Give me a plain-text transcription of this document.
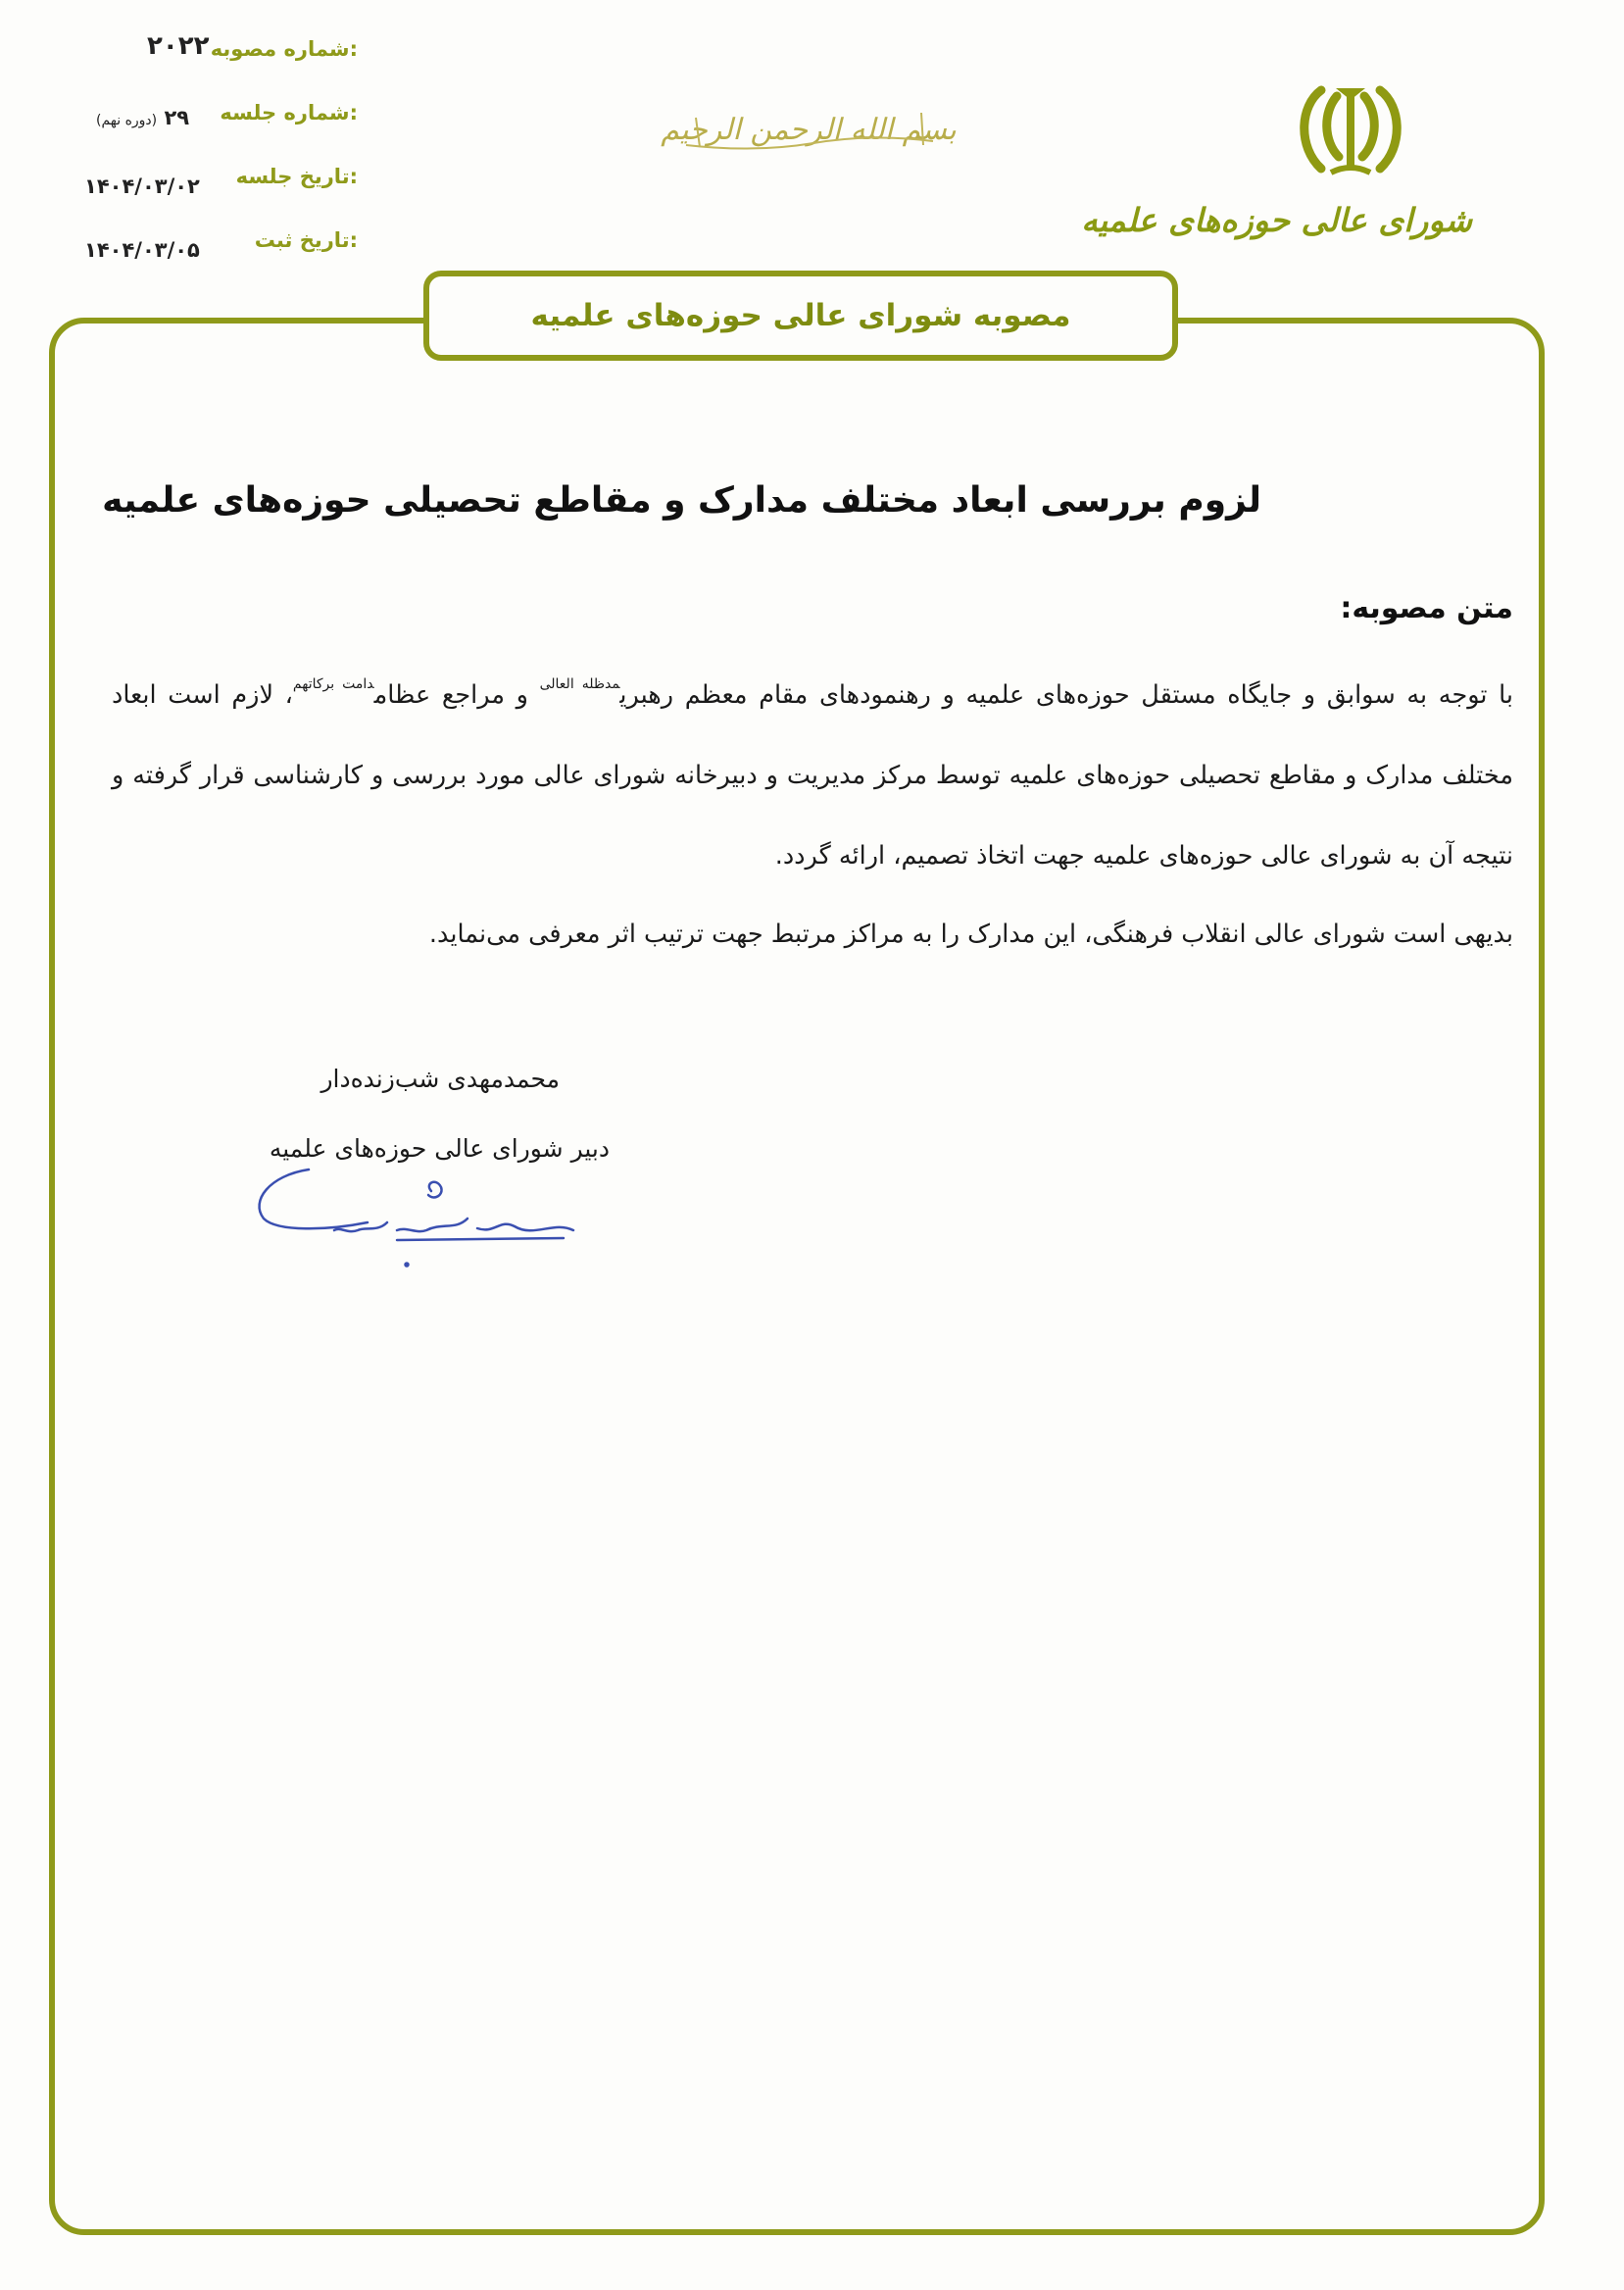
شماره مصوبه:
۲۰۲۲
شماره جلسه:
۲۹ (دوره نهم)
تاریخ جلسه:
۱۴۰۴/۰۳/۰۲
تاریخ ثبت:
۱۴۰۴/۰۳/۰۵
بسم الله الرحمن الرحیم
شورای عالی حوزه‌های علمیه
مصوبه شورای عالی حوزه‌های علمیه
لزوم بررسی ابعاد مختلف مدارک و مقاطع تحصیلی حوزه‌های علمیه
متن مصوبه:
با توجه به سوابق و جایگاه مستقل حوزه‌های علمیه و رهنمودهای مقام معظم رهبری$^{مدظله العالی}$ و مراجع عظام$^{دامت برکاتهم}$، لازم است ابعاد
مختلف مدارک و مقاطع تحصیلی حوزه‌های علمیه توسط مرکز مدیریت و دبیرخانه شورای عالی مورد بررسی و کارشناسی قرار گرفته و
نتیجه آن به شورای عالی حوزه‌های علمیه جهت اتخاذ تصمیم، ارائه گردد.
بدیهی است شورای عالی انقلاب فرهنگی، این مدارک را به مراکز مرتبط جهت ترتیب اثر معرفی می‌نماید.
محمدمهدی شب‌زنده‌دار
دبیر شورای عالی حوزه‌های علمیه
